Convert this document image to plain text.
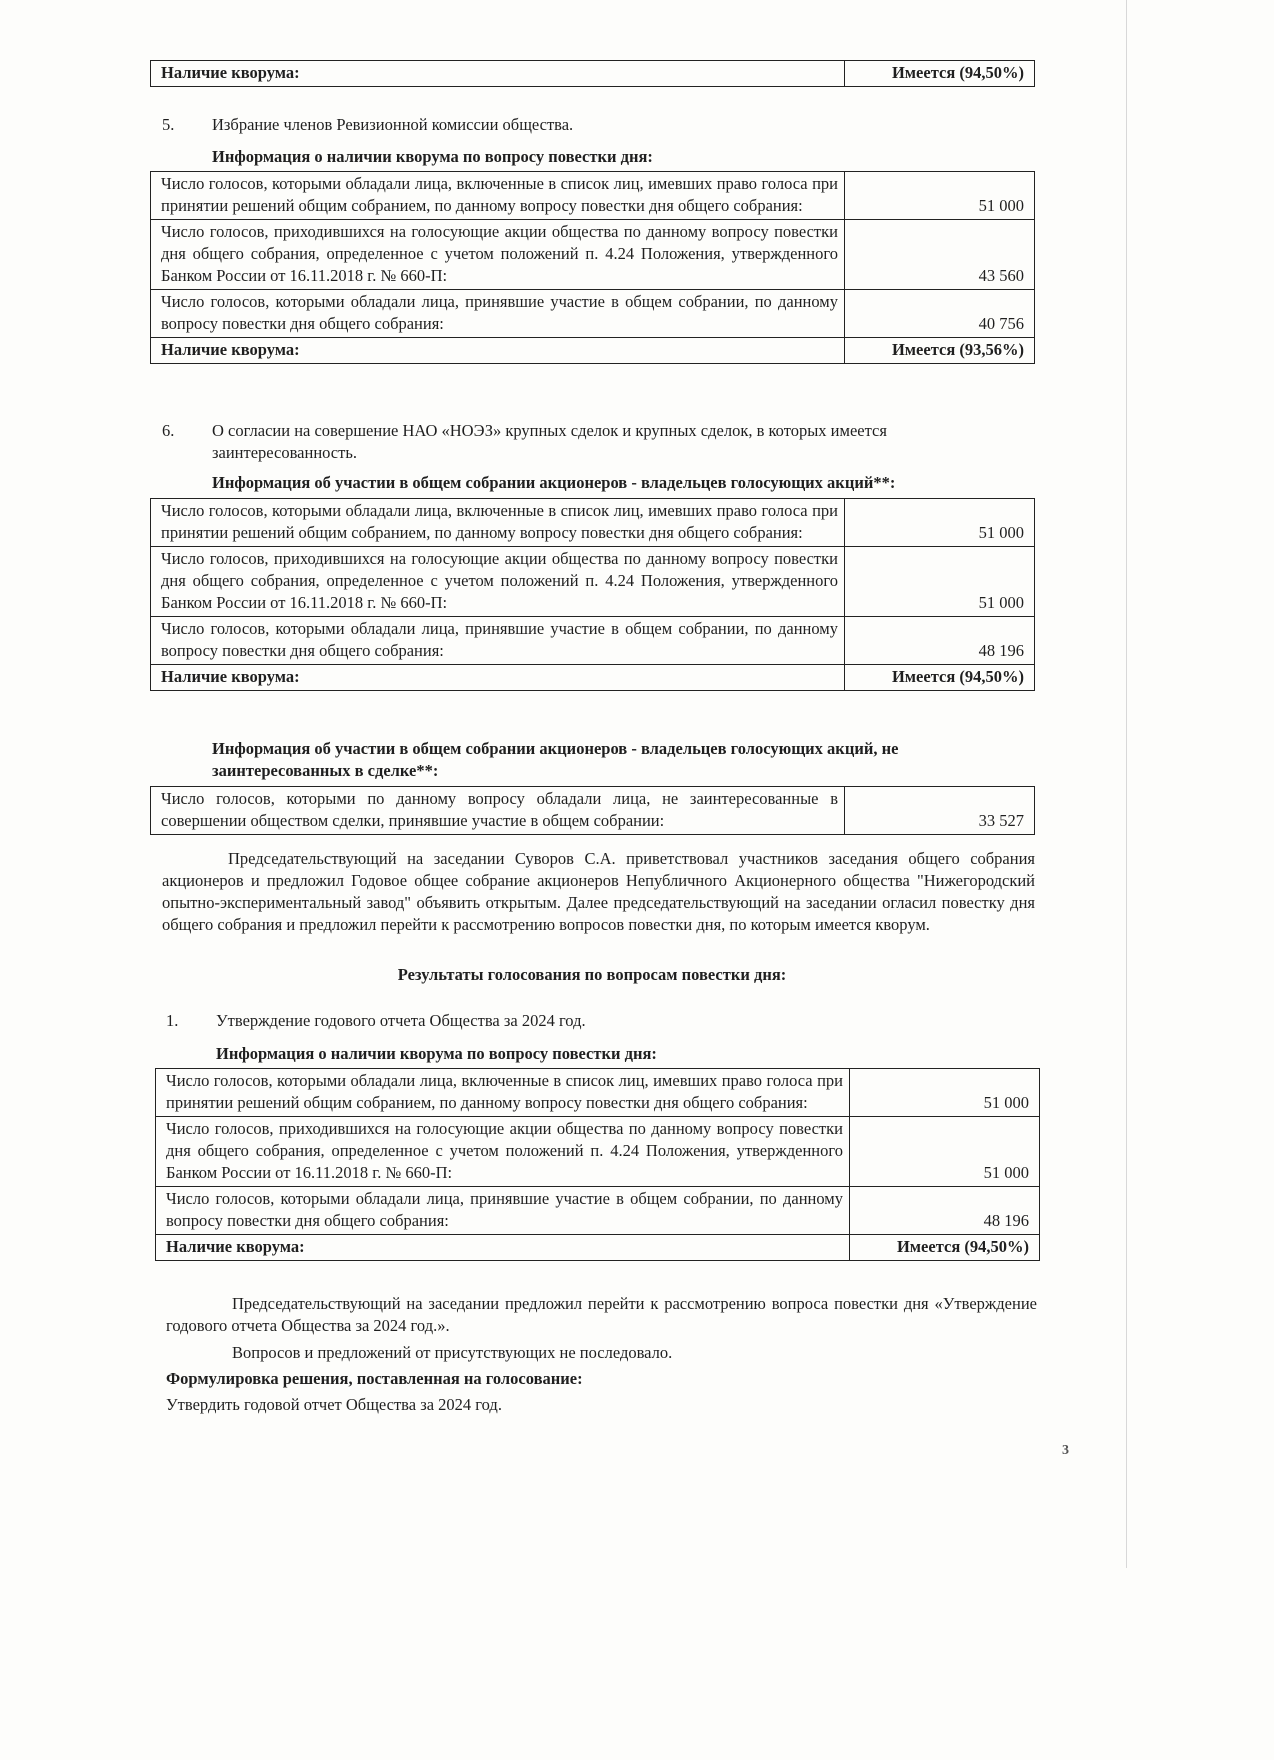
Наличие кворума:	Имеется (94,50%)
5. Избрание членов Ревизионной комиссии общества.
Информация о наличии кворума по вопросу повестки дня:
Число голосов, которыми обладали лица, включенные в список лиц, имевших право голоса при принятии решений общим собранием, по данному вопросу повестки дня общего собрания:	51 000
Число голосов, приходившихся на голосующие акции общества по данному вопросу повестки дня общего собрания, определенное с учетом положений п. 4.24 Положения, утвержденного Банком России от 16.11.2018 г. № 660-П:	43 560
Число голосов, которыми обладали лица, принявшие участие в общем собрании, по данному вопросу повестки дня общего собрания:	40 756
Наличие кворума:	Имеется (93,56%)
6. О согласии на совершение НАО «НОЭЗ» крупных сделок и крупных сделок, в которых имеется заинтересованность.
Информация об участии в общем собрании акционеров - владельцев голосующих акций**:
Число голосов, которыми обладали лица, включенные в список лиц, имевших право голоса при принятии решений общим собранием, по данному вопросу повестки дня общего собрания:	51 000
Число голосов, приходившихся на голосующие акции общества по данному вопросу повестки дня общего собрания, определенное с учетом положений п. 4.24 Положения, утвержденного Банком России от 16.11.2018 г. № 660-П:	51 000
Число голосов, которыми обладали лица, принявшие участие в общем собрании, по данному вопросу повестки дня общего собрания:	48 196
Наличие кворума:	Имеется (94,50%)
Информация об участии в общем собрании акционеров - владельцев голосующих акций, не заинтересованных в сделке**:
Число голосов, которыми по данному вопросу обладали лица, не заинтересованные в совершении обществом сделки, принявшие участие в общем собрании:	33 527
Председательствующий на заседании Суворов С.А. приветствовал участников заседания общего собрания акционеров и предложил Годовое общее собрание акционеров Непубличного Акционерного общества "Нижегородский опытно-экспериментальный завод" объявить открытым. Далее председательствующий на заседании огласил повестку дня общего собрания и предложил перейти к рассмотрению вопросов повестки дня, по которым имеется кворум.
Результаты голосования по вопросам повестки дня:
1. Утверждение годового отчета Общества за 2024 год.
Информация о наличии кворума по вопросу повестки дня:
Число голосов, которыми обладали лица, включенные в список лиц, имевших право голоса при принятии решений общим собранием, по данному вопросу повестки дня общего собрания:	51 000
Число голосов, приходившихся на голосующие акции общества по данному вопросу повестки дня общего собрания, определенное с учетом положений п. 4.24 Положения, утвержденного Банком России от 16.11.2018 г. № 660-П:	51 000
Число голосов, которыми обладали лица, принявшие участие в общем собрании, по данному вопросу повестки дня общего собрания:	48 196
Наличие кворума:	Имеется (94,50%)
Председательствующий на заседании предложил перейти к рассмотрению вопроса повестки дня «Утверждение годового отчета Общества за 2024 год.».
Вопросов и предложений от присутствующих не последовало.
Формулировка решения, поставленная на голосование:
Утвердить годовой отчет Общества за 2024 год.
3
